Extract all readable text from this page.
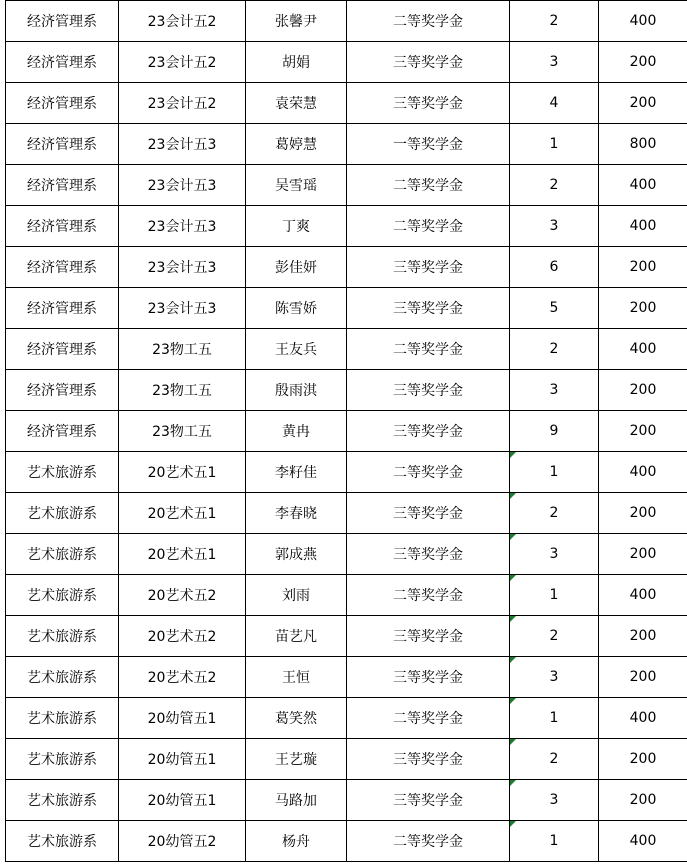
经济管理系	23会计五2	张馨尹	二等奖学金	2	400
经济管理系	23会计五2	胡娟	三等奖学金	3	200
经济管理系	23会计五2	袁荣慧	三等奖学金	4	200
经济管理系	23会计五3	葛婷慧	一等奖学金	1	800
经济管理系	23会计五3	吴雪瑶	二等奖学金	2	400
经济管理系	23会计五3	丁爽	二等奖学金	3	400
经济管理系	23会计五3	彭佳妍	三等奖学金	6	200
经济管理系	23会计五3	陈雪娇	三等奖学金	5	200
经济管理系	23物工五	王友兵	二等奖学金	2	400
经济管理系	23物工五	殷雨淇	三等奖学金	3	200
经济管理系	23物工五	黄冉	三等奖学金	9	200
艺术旅游系	20艺术五1	李籽佳	二等奖学金	1	400
艺术旅游系	20艺术五1	李春晓	三等奖学金	2	200
艺术旅游系	20艺术五1	郭成燕	三等奖学金	3	200
艺术旅游系	20艺术五2	刘雨	二等奖学金	1	400
艺术旅游系	20艺术五2	苗艺凡	三等奖学金	2	200
艺术旅游系	20艺术五2	王恒	三等奖学金	3	200
艺术旅游系	20幼管五1	葛笑然	二等奖学金	1	400
艺术旅游系	20幼管五1	王艺璇	三等奖学金	2	200
艺术旅游系	20幼管五1	马路加	三等奖学金	3	200
艺术旅游系	20幼管五2	杨舟	二等奖学金	1	400
